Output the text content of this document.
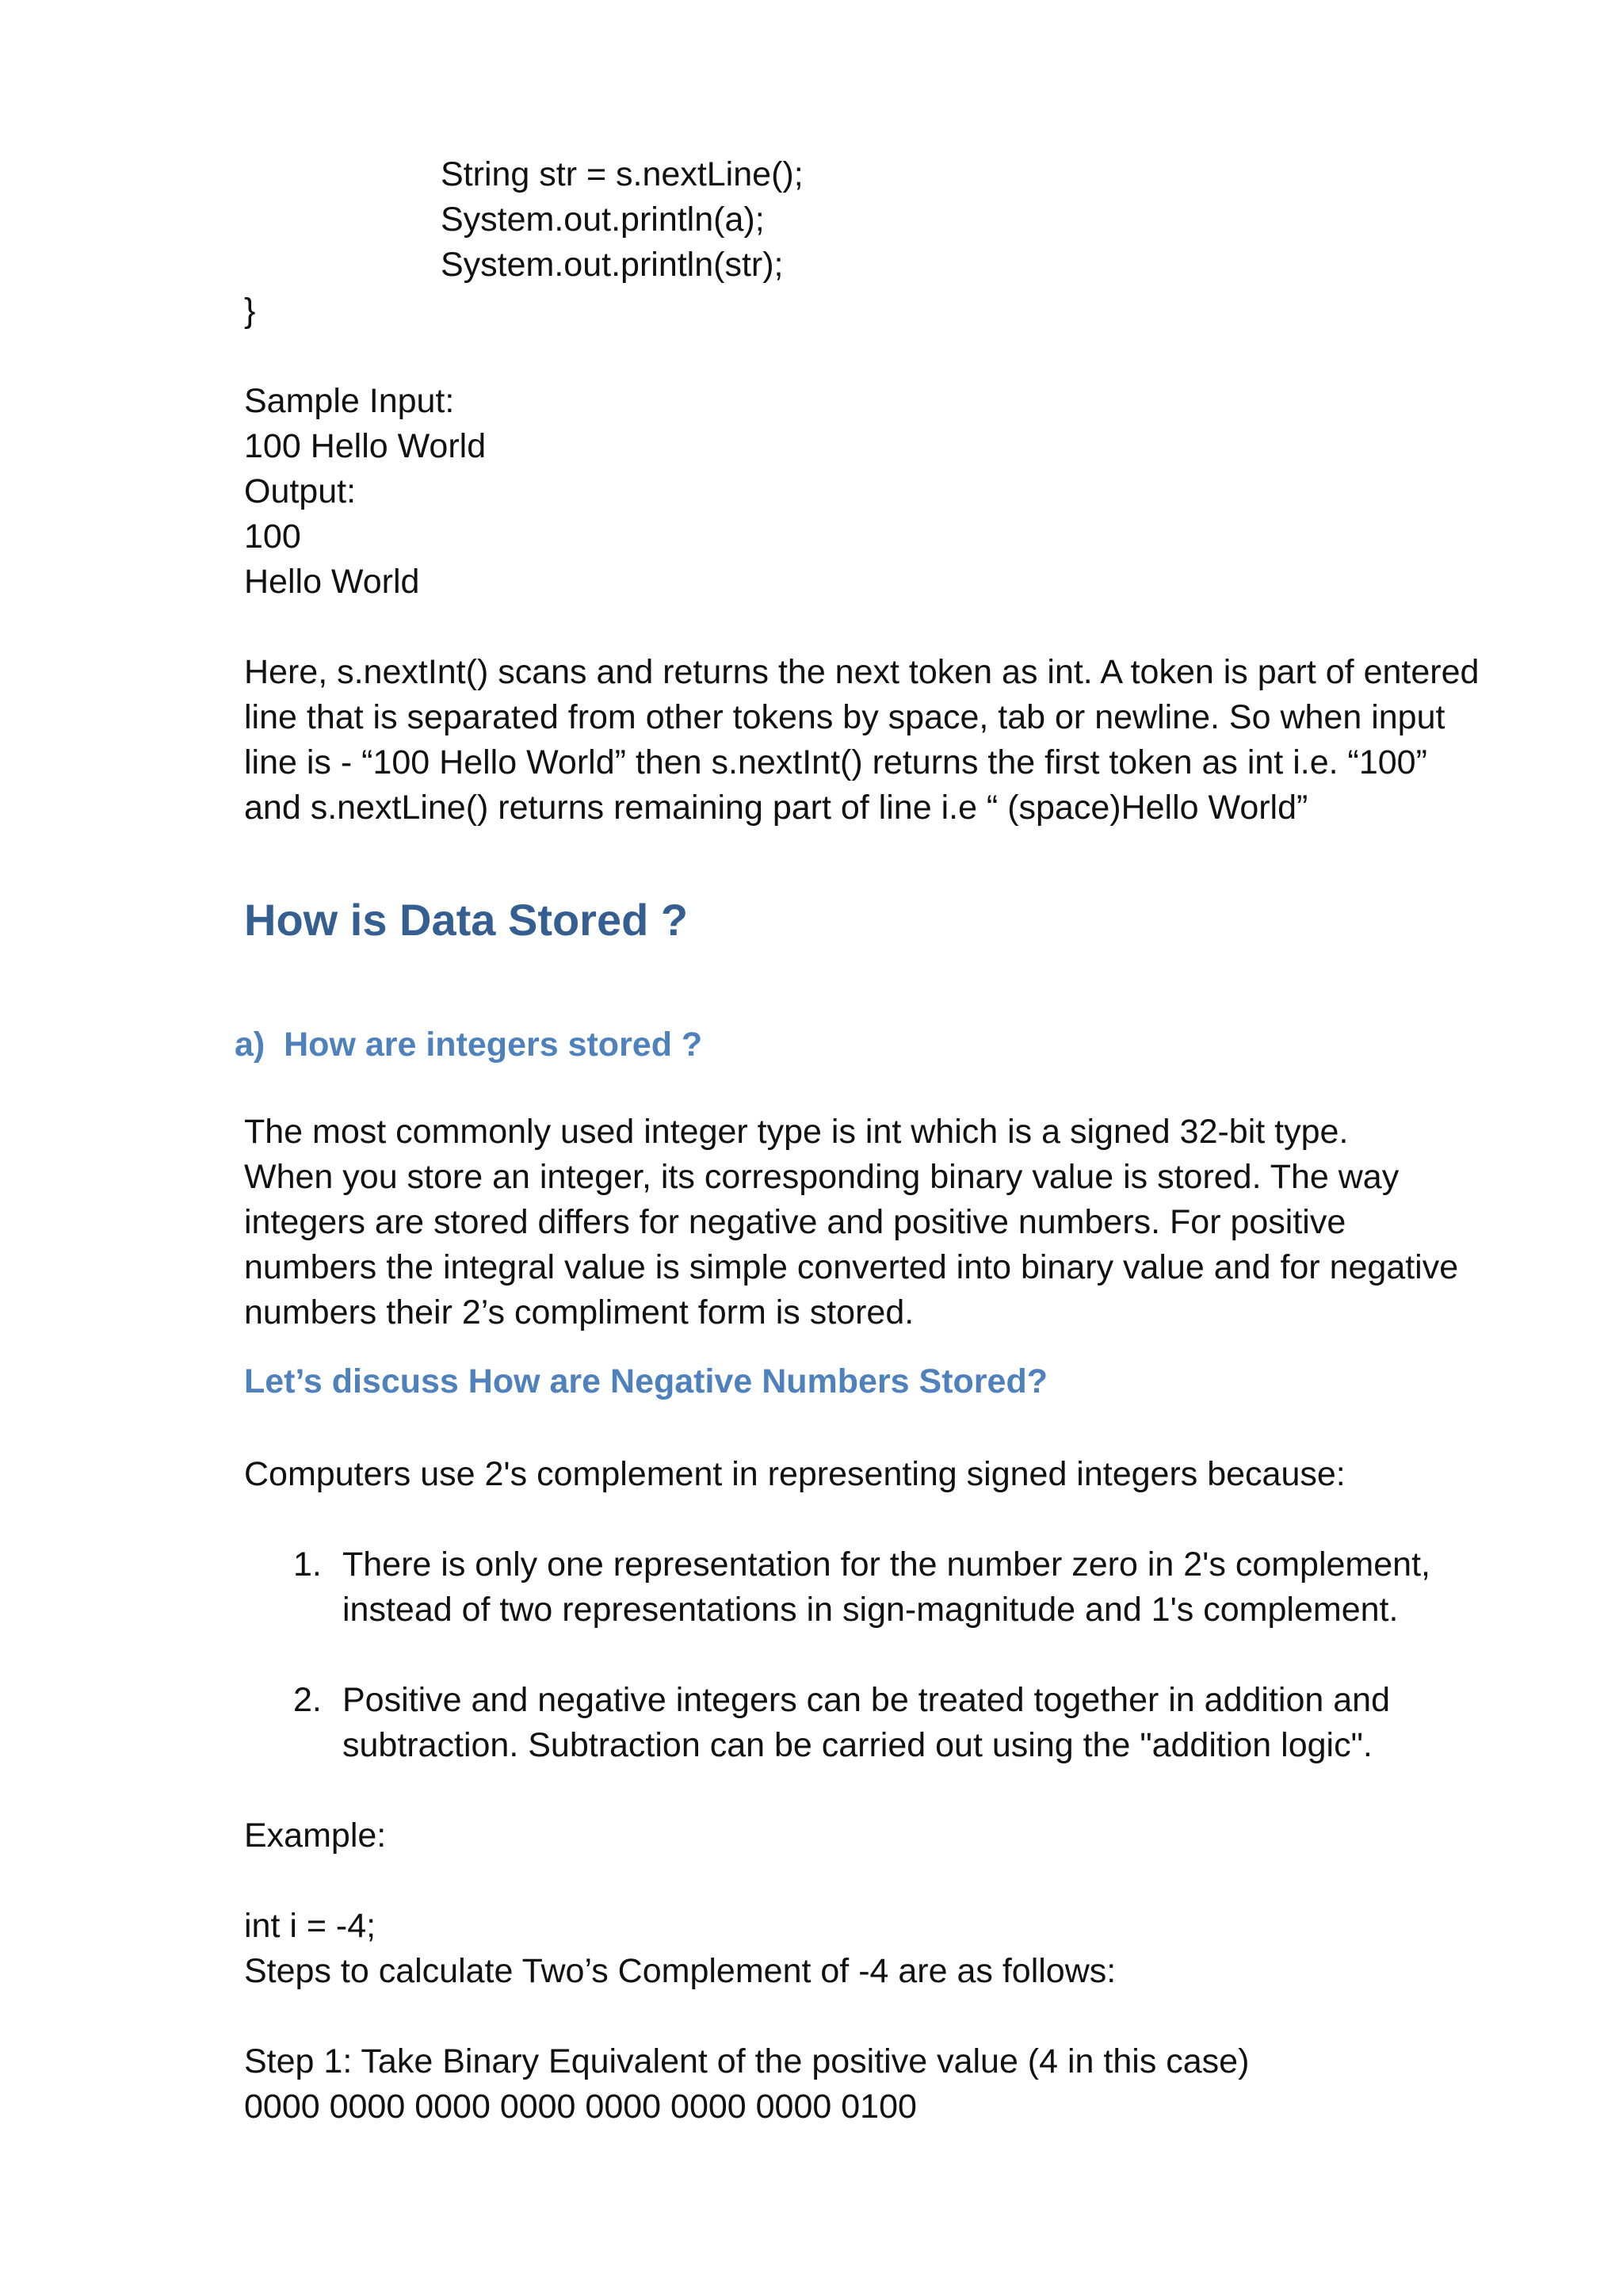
String str = s.nextLine();

System.out.println(a);

System.out.println(str);

}

Sample Input:

100 Hello World

Output:

100

Hello World

Here, s.nextInt() scans and returns the next token as int. A token is part of entered

line that is separated from other tokens by space, tab or newline. So when input

line is - “100 Hello World” then s.nextInt() returns the first token as int i.e. “100”

and s.nextLine() returns remaining part of line i.e “ (space)Hello World”

How is Data Stored ?
a)  How are integers stored ?

The most commonly used integer type is int which is a signed 32-bit type.

When you store an integer, its corresponding binary value is stored. The way

integers are stored differs for negative and positive numbers. For positive

numbers the integral value is simple converted into binary value and for negative

numbers their 2’s compliment form is stored.

Let’s discuss How are Negative Numbers Stored?

Computers use 2's complement in representing signed integers because:

1. There is only one representation for the number zero in 2's complement,
instead of two representations in sign-magnitude and 1's complement.
2. Positive and negative integers can be treated together in addition and
subtraction. Subtraction can be carried out using the "addition logic".

Example:

int i = -4;

Steps to calculate Two’s Complement of -4 are as follows:

Step 1: Take Binary Equivalent of the positive value (4 in this case)

0000 0000 0000 0000 0000 0000 0000 0100
